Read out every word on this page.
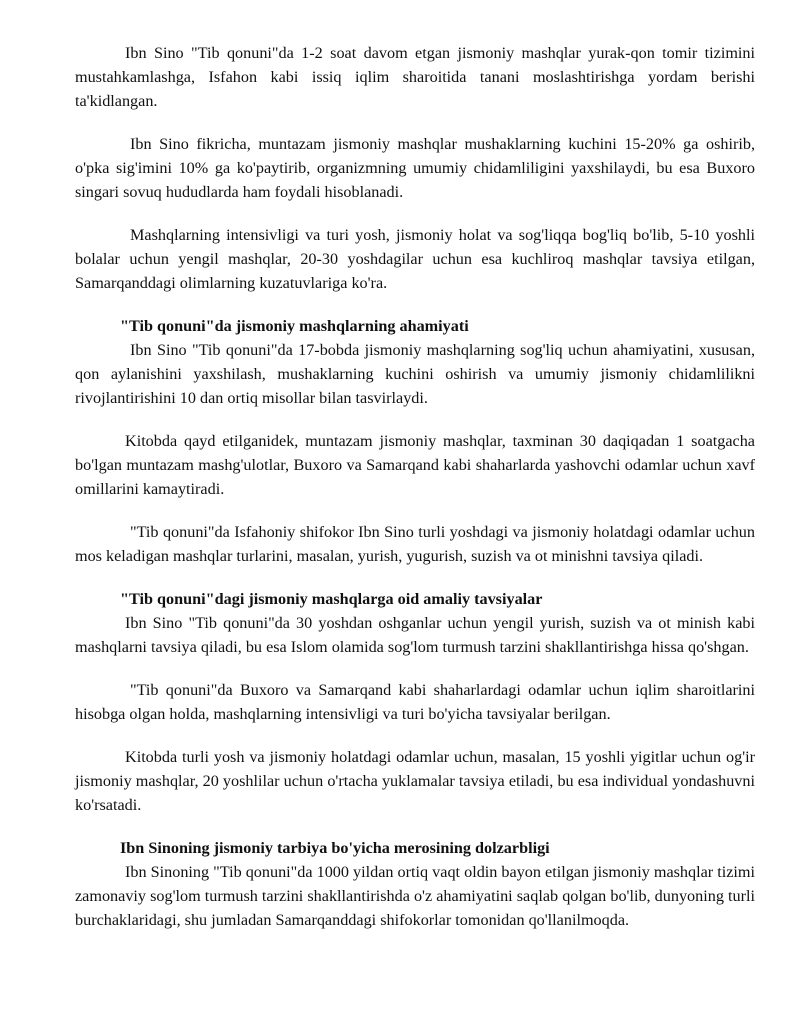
Ibn Sino "Tib qonuni"da 1-2 soat davom etgan jismoniy mashqlar yurak-qon tomir tizimini mustahkamlashga, Isfahon kabi issiq iqlim sharoitida tanani moslashtirishga yordam berishi ta'kidlangan.

Ibn Sino fikricha, muntazam jismoniy mashqlar mushaklarning kuchini 15-20% ga oshirib, o'pka sig'imini 10% ga ko'paytirib, organizmning umumiy chidamliligini yaxshilaydi, bu esa Buxoro singari sovuq hududlarda ham foydali hisoblanadi.

Mashqlarning intensivligi va turi yosh, jismoniy holat va sog'liqqa bog'liq bo'lib, 5-10 yoshli bolalar uchun yengil mashqlar, 20-30 yoshdagilar uchun esa kuchliroq mashqlar tavsiya etilgan, Samarqanddagi olimlarning kuzatuvlariga ko'ra.

"Tib qonuni"da jismoniy mashqlarning ahamiyati

Ibn Sino "Tib qonuni"da 17-bobda jismoniy mashqlarning sog'liq uchun ahamiyatini, xususan, qon aylanishini yaxshilash, mushaklarning kuchini oshirish va umumiy jismoniy chidamlilikni rivojlantirishini 10 dan ortiq misollar bilan tasvirlaydi.

Kitobda qayd etilganidek, muntazam jismoniy mashqlar, taxminan 30 daqiqadan 1 soatgacha bo'lgan muntazam mashg'ulotlar, Buxoro va Samarqand kabi shaharlarda yashovchi odamlar uchun xavf omillarini kamaytiradi.

"Tib qonuni"da Isfahoniy shifokor Ibn Sino turli yoshdagi va jismoniy holatdagi odamlar uchun mos keladigan mashqlar turlarini, masalan, yurish, yugurish, suzish va ot minishni tavsiya qiladi.

"Tib qonuni"dagi jismoniy mashqlarga oid amaliy tavsiyalar

Ibn Sino "Tib qonuni"da 30 yoshdan oshganlar uchun yengil yurish, suzish va ot minish kabi mashqlarni tavsiya qiladi, bu esa Islom olamida sog'lom turmush tarzini shakllantirishga hissa qo'shgan.

"Tib qonuni"da Buxoro va Samarqand kabi shaharlardagi odamlar uchun iqlim sharoitlarini hisobga olgan holda, mashqlarning intensivligi va turi bo'yicha tavsiyalar berilgan.

Kitobda turli yosh va jismoniy holatdagi odamlar uchun, masalan, 15 yoshli yigitlar uchun og'ir jismoniy mashqlar, 20 yoshlilar uchun o'rtacha yuklamalar tavsiya etiladi, bu esa individual yondashuvni ko'rsatadi.

Ibn Sinoning jismoniy tarbiya bo'yicha merosining dolzarbligi

Ibn Sinoning "Tib qonuni"da 1000 yildan ortiq vaqt oldin bayon etilgan jismoniy mashqlar tizimi zamonaviy sog'lom turmush tarzini shakllantirishda o'z ahamiyatini saqlab qolgan bo'lib, dunyoning turli burchaklaridagi, shu jumladan Samarqanddagi shifokorlar tomonidan qo'llanilmoqda.
